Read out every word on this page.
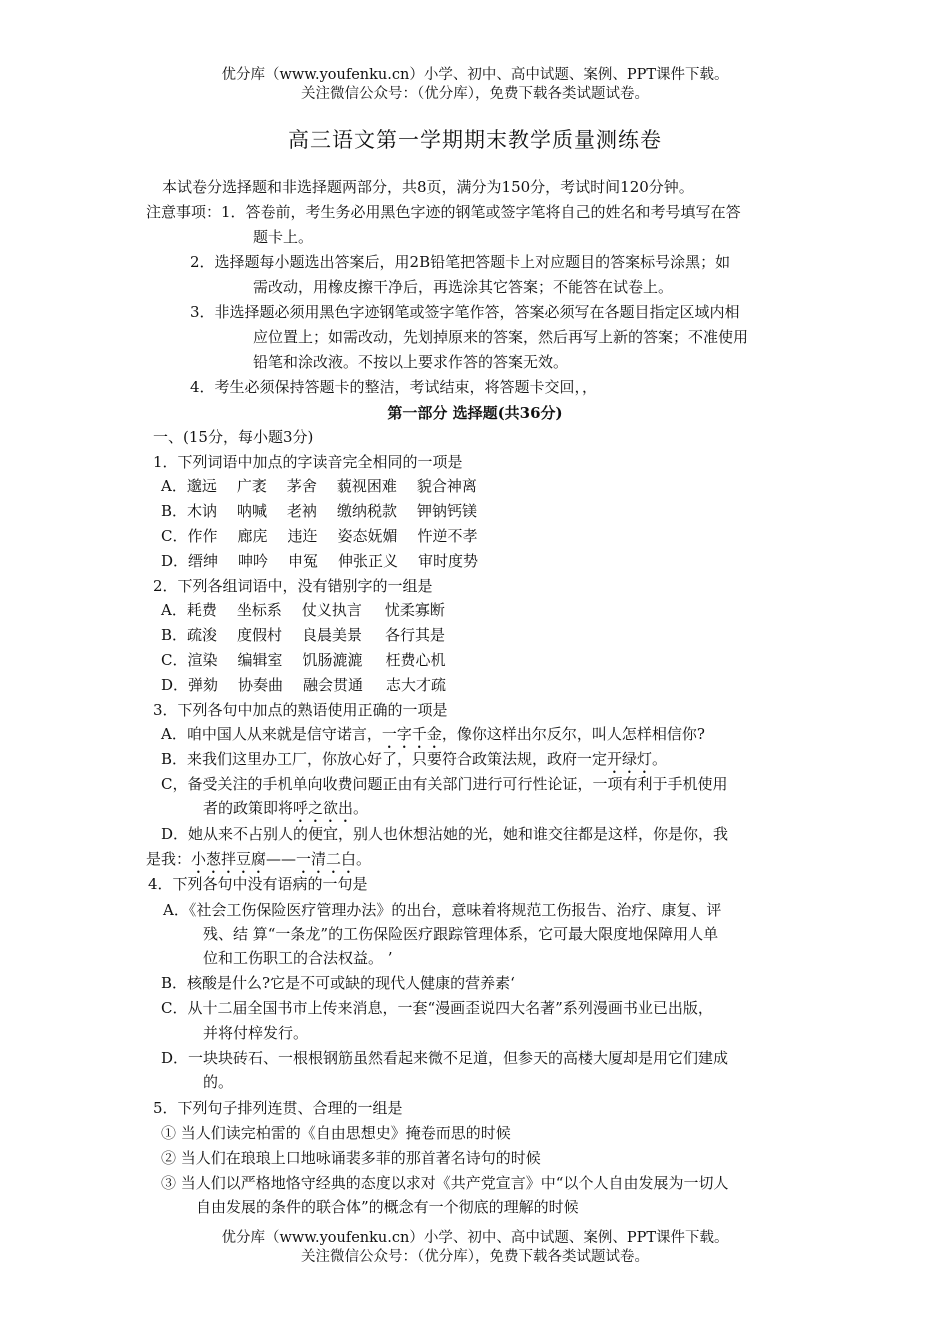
优分库（www.youfenku.cn）小学、初中、高中试题、案例、PPT课件下载。
关注微信公众号：（优分库），免费下载各类试题试卷。
高三语文第一学期期末教学质量测练卷
本试卷分选择题和非选择题两部分，共8页，满分为150分，考试时间120分钟。
注意事项：1．答卷前，考生务必用黑色字迹的钢笔或签字笔将自己的姓名和考号填写在答
题卡上。
2．选择题每小题选出答案后，用2B铅笔把答题卡上对应题目的答案标号涂黑；如
需改动，用橡皮擦干净后，再选涂其它答案；不能答在试卷上。
3．非选择题必须用黑色字迹钢笔或签字笔作答，答案必须写在各题目指定区域内相
应位置上；如需改动，先划掉原来的答案，然后再写上新的答案；不准使用
铅笔和涂改液。不按以上要求作答的答案无效。
4．考生必须保持答题卡的整洁，考试结束，将答题卡交回，，
第一部分 选择题(共36分)
一、(15分，每小题3分)
1．下列词语中加点的字读音完全相同的一项是
A．邈远 广袤 茅舍 藐视困难 貌合神离
B．木讷 呐喊 老衲 缴纳税款 钾钠钙镁
C．作作 廊庑 违迕 姿态妩媚 忤逆不孝
D．缙绅 呻吟 申冤 伸张正义 审时度势
2．下列各组词语中，没有错别字的一组是
A．耗费 坐标系 仗义执言 忧柔寡断
B．疏浚 度假村 良晨美景 各行其是
C．渲染 编辑室 饥肠漉漉 枉费心机
D．弹劾 协奏曲 融会贯通 志大才疏
3．下列各句中加点的熟语使用正确的一项是
A．咱中国人从来就是信守诺言，一字千金，像你这样出尔反尔，叫人怎样相信你?
B．来我们这里办工厂，你放心好了，只要符合政策法规，政府一定开绿灯。
C，备受关注的手机单向收费问题正由有关部门进行可行性论证，一项有利于手机使用
者的政策即将呼之欲出。
D．她从来不占别人的便宜，别人也休想沾她的光，她和谁交往都是这样，你是你，我
是我：小葱拌豆腐——一清二白。
4．下列各句中没有语病的一句是
A．《社会工伤保险医疗管理办法》的出台，意味着将规范工伤报告、治疗、康复、评
残、结 算“一条龙”的工伤保险医疗跟踪管理体系，它可最大限度地保障用人单
位和工伤职工的合法权益。 ’
B．核酸是什么?它是不可或缺的现代人健康的营养素‘
C．从十二届全国书市上传来消息，一套“漫画歪说四大名著”系列漫画书业已出版，
并将付梓发行。
D．一块块砖石、一根根钢筋虽然看起来微不足道，但参天的高楼大厦却是用它们建成
的。
5．下列句子排列连贯、合理的一组是
① 当人们读完柏雷的《自由思想史》掩卷而思的时候
② 当人们在琅琅上口地咏诵裴多菲的那首著名诗句的时候
③ 当人们以严格地恪守经典的态度以求对《共产党宣言》中“以个人自由发展为一切人
自由发展的条件的联合体”的概念有一个彻底的理解的时候
优分库（www.youfenku.cn）小学、初中、高中试题、案例、PPT课件下载。
关注微信公众号：（优分库），免费下载各类试题试卷。
